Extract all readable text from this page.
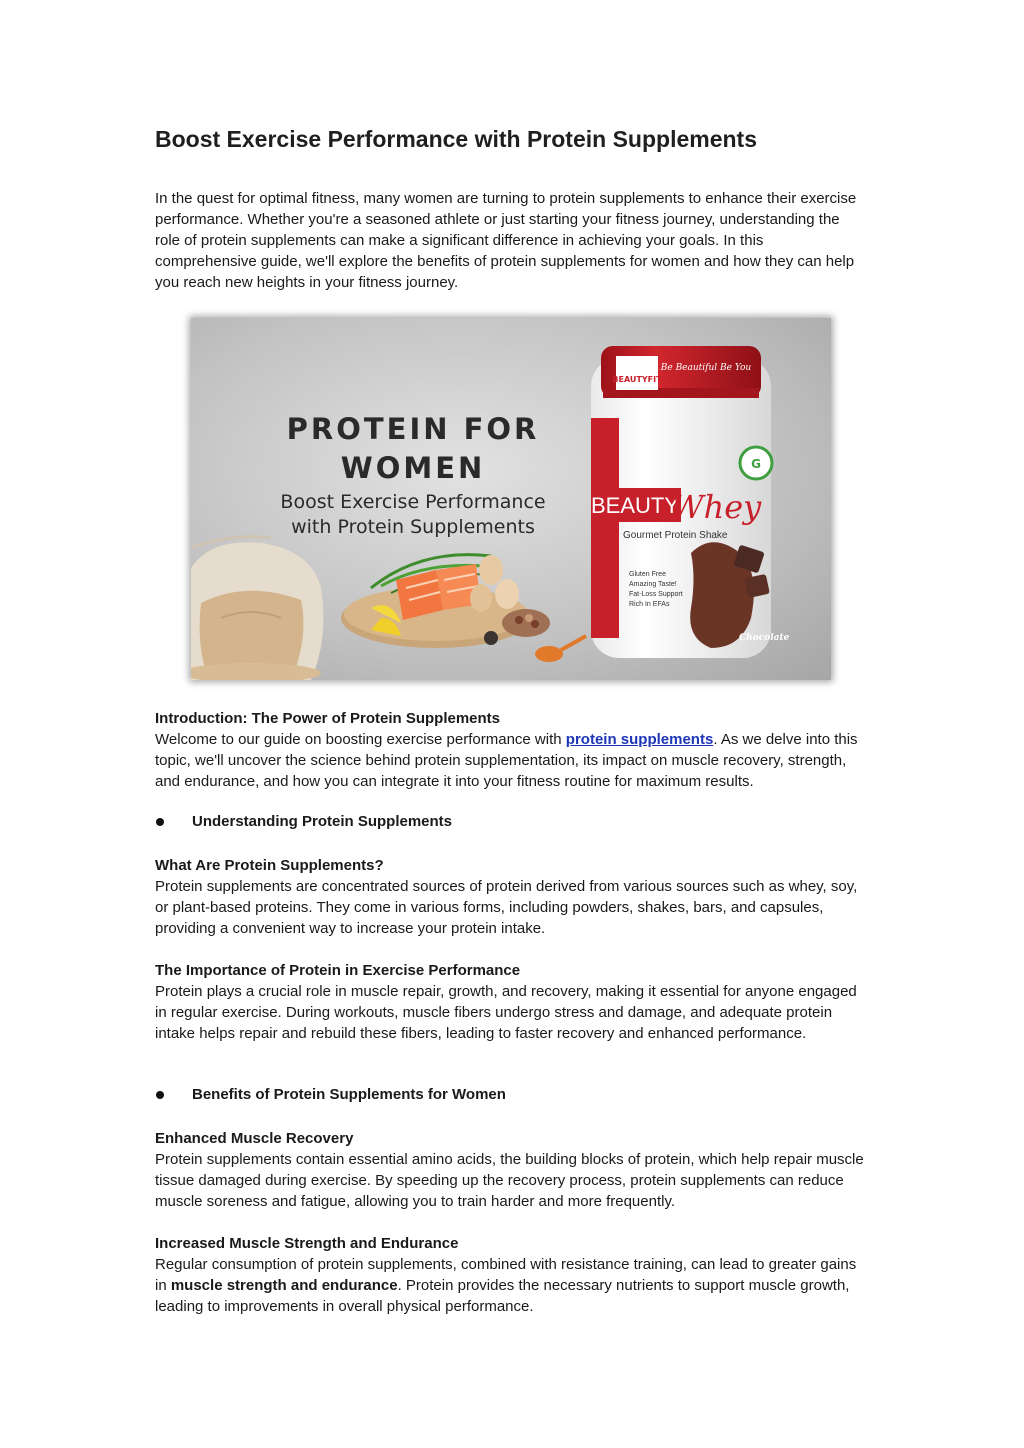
Boost Exercise Performance with Protein Supplements

In the quest for optimal fitness, many women are turning to protein supplements to enhance their exercise performance. Whether you're a seasoned athlete or just starting your fitness journey, understanding the role of protein supplements can make a significant difference in achieving your goals. In this comprehensive guide, we'll explore the benefits of protein supplements for women and how they can help you reach new heights in your fitness journey.

PROTEIN FOR
WOMEN
Boost Exercise Performance
with Protein Supplements
BEAUTYFIT
Be Beautiful Be You
BEAUTY
Whey
Gourmet Protein Shake
G
Gluten Free
Amazing Taste!
Fat-Loss Support
Rich In EFAs
Chocolate

Introduction: The Power of Protein Supplements

Welcome to our guide on boosting exercise performance with protein supplements. As we delve into this topic, we'll uncover the science behind protein supplementation, its impact on muscle recovery, strength, and endurance, and how you can integrate it into your fitness routine for maximum results.

Understanding Protein Supplements

What Are Protein Supplements?

Protein supplements are concentrated sources of protein derived from various sources such as whey, soy, or plant-based proteins. They come in various forms, including powders, shakes, bars, and capsules, providing a convenient way to increase your protein intake.

The Importance of Protein in Exercise Performance

Protein plays a crucial role in muscle repair, growth, and recovery, making it essential for anyone engaged in regular exercise. During workouts, muscle fibers undergo stress and damage, and adequate protein intake helps repair and rebuild these fibers, leading to faster recovery and enhanced performance.

Benefits of Protein Supplements for Women

Enhanced Muscle Recovery

Protein supplements contain essential amino acids, the building blocks of protein, which help repair muscle tissue damaged during exercise. By speeding up the recovery process, protein supplements can reduce muscle soreness and fatigue, allowing you to train harder and more frequently.

Increased Muscle Strength and Endurance

Regular consumption of protein supplements, combined with resistance training, can lead to greater gains in muscle strength and endurance. Protein provides the necessary nutrients to support muscle growth, leading to improvements in overall physical performance.
